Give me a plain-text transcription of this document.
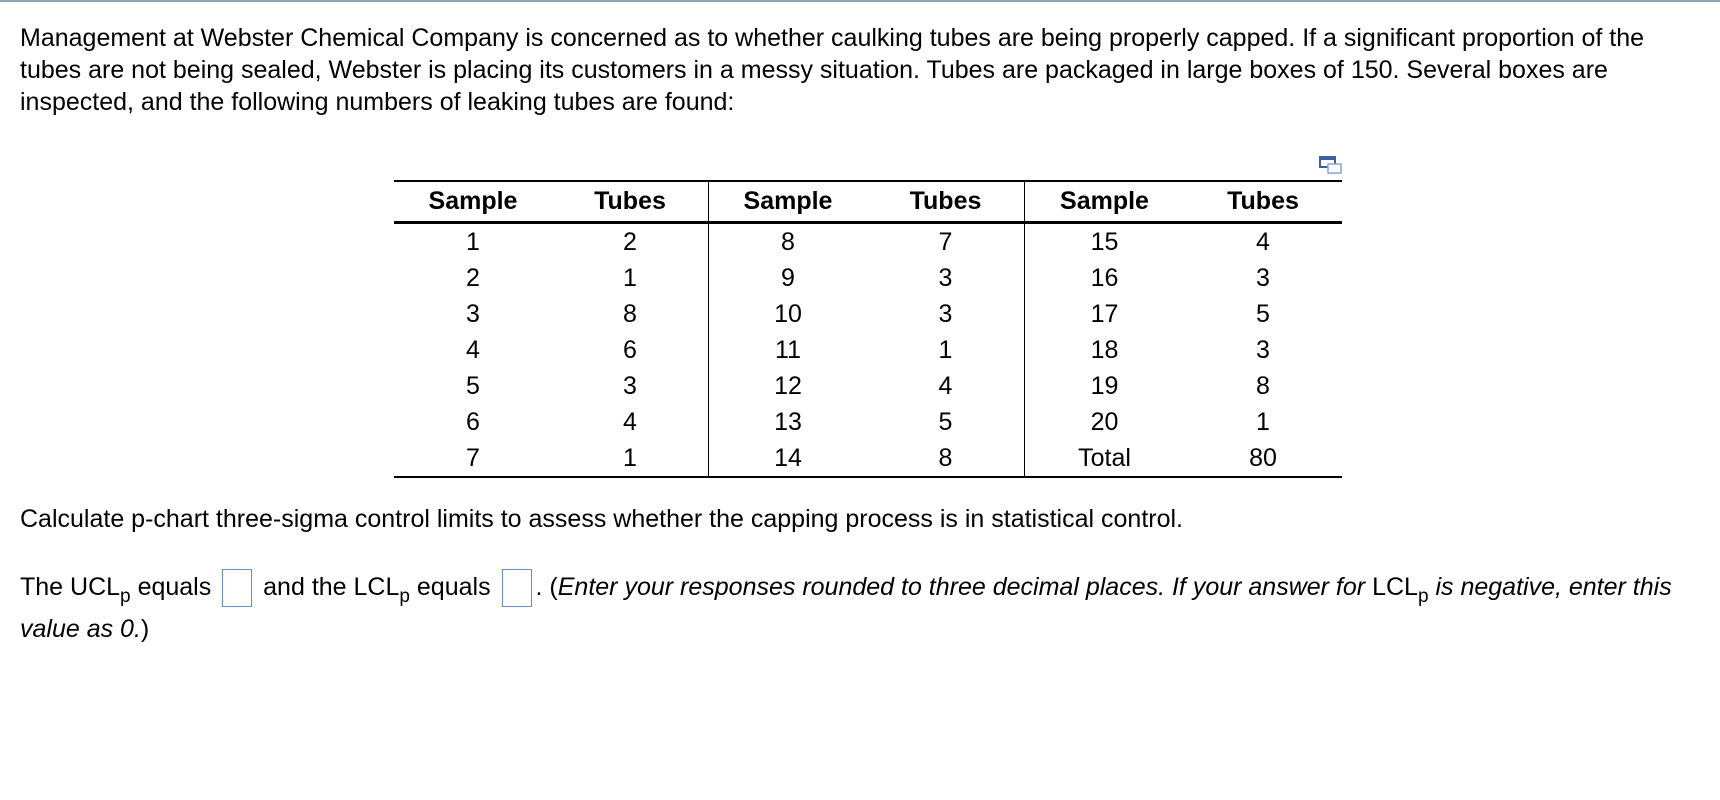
Management at Webster Chemical Company is concerned as to whether caulking tubes are being properly capped. If a significant proportion of the tubes are not being sealed, Webster is placing its customers in a messy situation. Tubes are packaged in large boxes of 150. Several boxes are inspected, and the following numbers of leaking tubes are found:

Sample	Tubes	Sample	Tubes	Sample	Tubes
1	2	8	7	15	4
2	1	9	3	16	3
3	8	10	3	17	5
4	6	11	1	18	3
5	3	12	4	19	8
6	4	13	5	20	1
7	1	14	8	Total	80

Calculate p-chart three-sigma control limits to assess whether the capping process is in statistical control.

The $UCL_p$ equals and the $LCL_p$ equals . (Enter your responses rounded to three decimal places. If your answer for $LCL_p$ is negative, enter this value as 0.)
